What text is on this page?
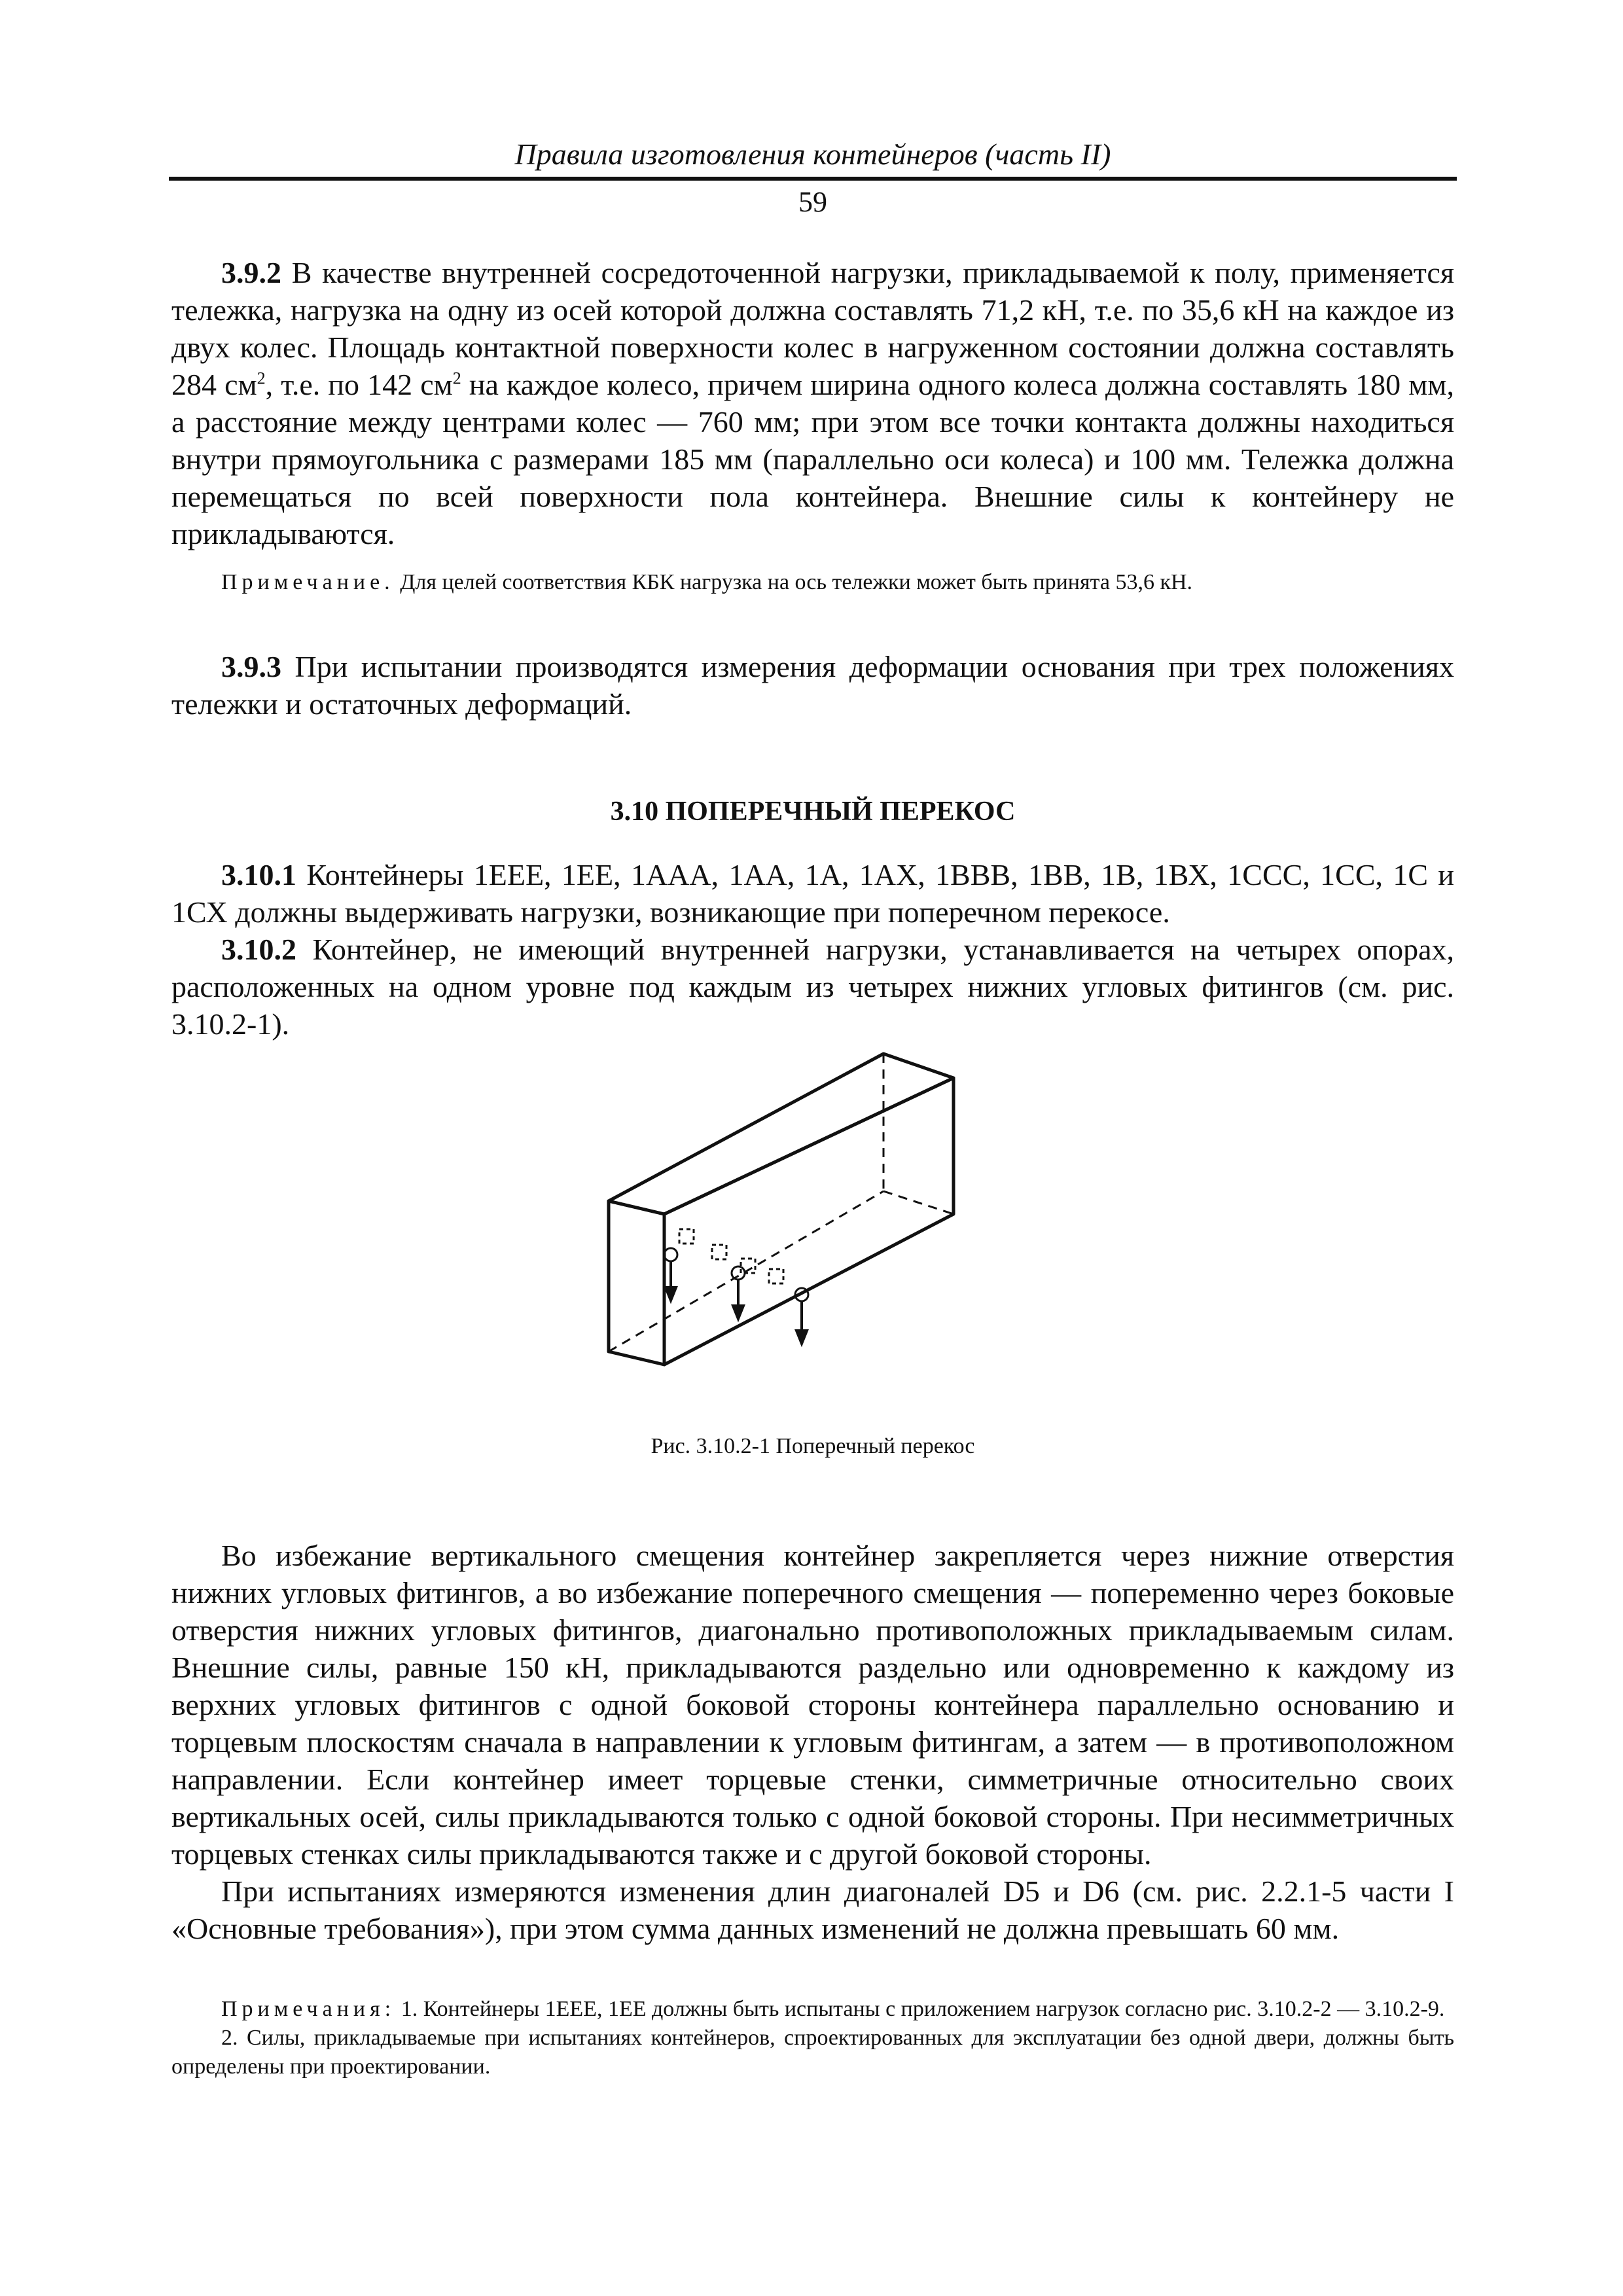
Правила изготовления контейнеров (часть II)
59

3.9.2 В качестве внутренней сосредоточенной нагрузки, прикладываемой к полу, применяется тележка, нагрузка на одну из осей которой должна составлять 71,2 кН, т.е. по 35,6 кН на каждое из двух колес. Площадь контактной поверхности колес в нагруженном состоянии должна составлять 284 $см^2$, т.е. по 142 $см^2$ на каждое колесо, причем ширина одного колеса должна составлять 180 мм, а расстояние между центрами колес — 760 мм; при этом все точки контакта должны находиться внутри прямоугольника с размерами 185 мм (параллельно оси колеса) и 100 мм. Тележка должна перемещаться по всей поверхности пола контейнера. Внешние силы к контейнеру не прикладываются.

Примечание. Для целей соответствия КБК нагрузка на ось тележки может быть принята 53,6 кН.

3.9.3 При испытании производятся измерения деформации основания при трех положениях тележки и остаточных деформаций.

3.10 ПОПЕРЕЧНЫЙ ПЕРЕКОС

3.10.1 Контейнеры 1ЕЕЕ, 1ЕЕ, 1ААА, 1АА, 1А, 1АХ, 1ВВВ, 1ВВ, 1В, 1ВХ, 1ССС, 1СС, 1С и 1СХ должны выдерживать нагрузки, возникающие при поперечном перекосе.

3.10.2 Контейнер, не имеющий внутренней нагрузки, устанавливается на четырех опорах, расположенных на одном уровне под каждым из четырех нижних угловых фитингов (см. рис. 3.10.2-1).

Рис. 3.10.2-1 Поперечный перекос

Во избежание вертикального смещения контейнер закрепляется через нижние отверстия нижних угловых фитингов, а во избежание поперечного смещения — попеременно через боковые отверстия нижних угловых фитингов, диагонально противоположных прикладываемым силам. Внешние силы, равные 150 кН, прикладываются раздельно или одновременно к каждому из верхних угловых фитингов с одной боковой стороны контейнера параллельно основанию и торцевым плоскостям сначала в направлении к угловым фитингам, а затем — в противоположном направлении. Если контейнер имеет торцевые стенки, симметричные относительно своих вертикальных осей, силы прикладываются только с одной боковой стороны. При несимметричных торцевых стенках силы прикладываются также и с другой боковой стороны.

При испытаниях измеряются изменения длин диагоналей D5 и D6 (см. рис. 2.2.1-5 части I «Основные требования»), при этом сумма данных изменений не должна превышать 60 мм.

Примечания: 1. Контейнеры 1ЕЕЕ, 1ЕЕ должны быть испытаны с приложением нагрузок согласно рис. 3.10.2-2 — 3.10.2-9.

2. Силы, прикладываемые при испытаниях контейнеров, спроектированных для эксплуатации без одной двери, должны быть определены при проектировании.
